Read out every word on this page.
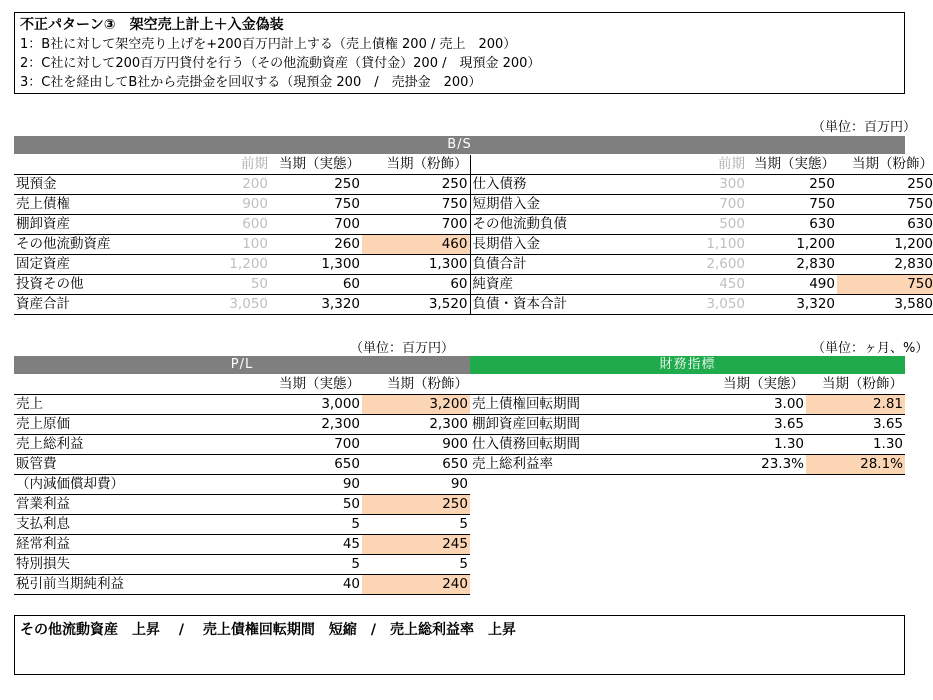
不正パターン③　架空売上計上＋入金偽装
1：B社に対して架空売り上げを+200百万円計上する（売上債権 200 / 売上　200）
2：C社に対して200百万円貸付を行う（その他流動資産（貸付金）200 /　現預金 200）
3：C社を経由してB社から売掛金を回収する（現預金 200　/　売掛金　200）
（単位：百万円）
B/S
	前期	当期（実態）	当期（粉飾）		前期	当期（実態）	当期（粉飾）
現預金	200	250	250	仕入債務	300	250	250
売上債権	900	750	750	短期借入金	700	750	750
棚卸資産	600	700	700	その他流動負債	500	630	630
その他流動資産	100	260	460	長期借入金	1,100	1,200	1,200
固定資産	1,200	1,300	1,300	負債合計	2,600	2,830	2,830
投資その他	50	60	60	純資産	450	490	750
資産合計	3,050	3,320	3,520	負債・資本合計	3,050	3,320	3,580
（単位：百万円）
P/L
	当期（実態）	当期（粉飾）
売上	3,000	3,200
売上原価	2,300	2,300
売上総利益	700	900
販管費	650	650
（内減価償却費）	90	90
営業利益	50	250
支払利息	5	5
経常利益	45	245
特別損失	5	5
税引前当期純利益	40	240
（単位：ヶ月、%）
財務指標
	当期（実態）	当期（粉飾）
売上債権回転期間	3.00	2.81
棚卸資産回転期間	3.65	3.65
仕入債務回転期間	1.30	1.30
売上総利益率	23.3%	28.1%
その他流動資産　上昇　 /　 売上債権回転期間　短縮　/　売上総利益率　上昇
